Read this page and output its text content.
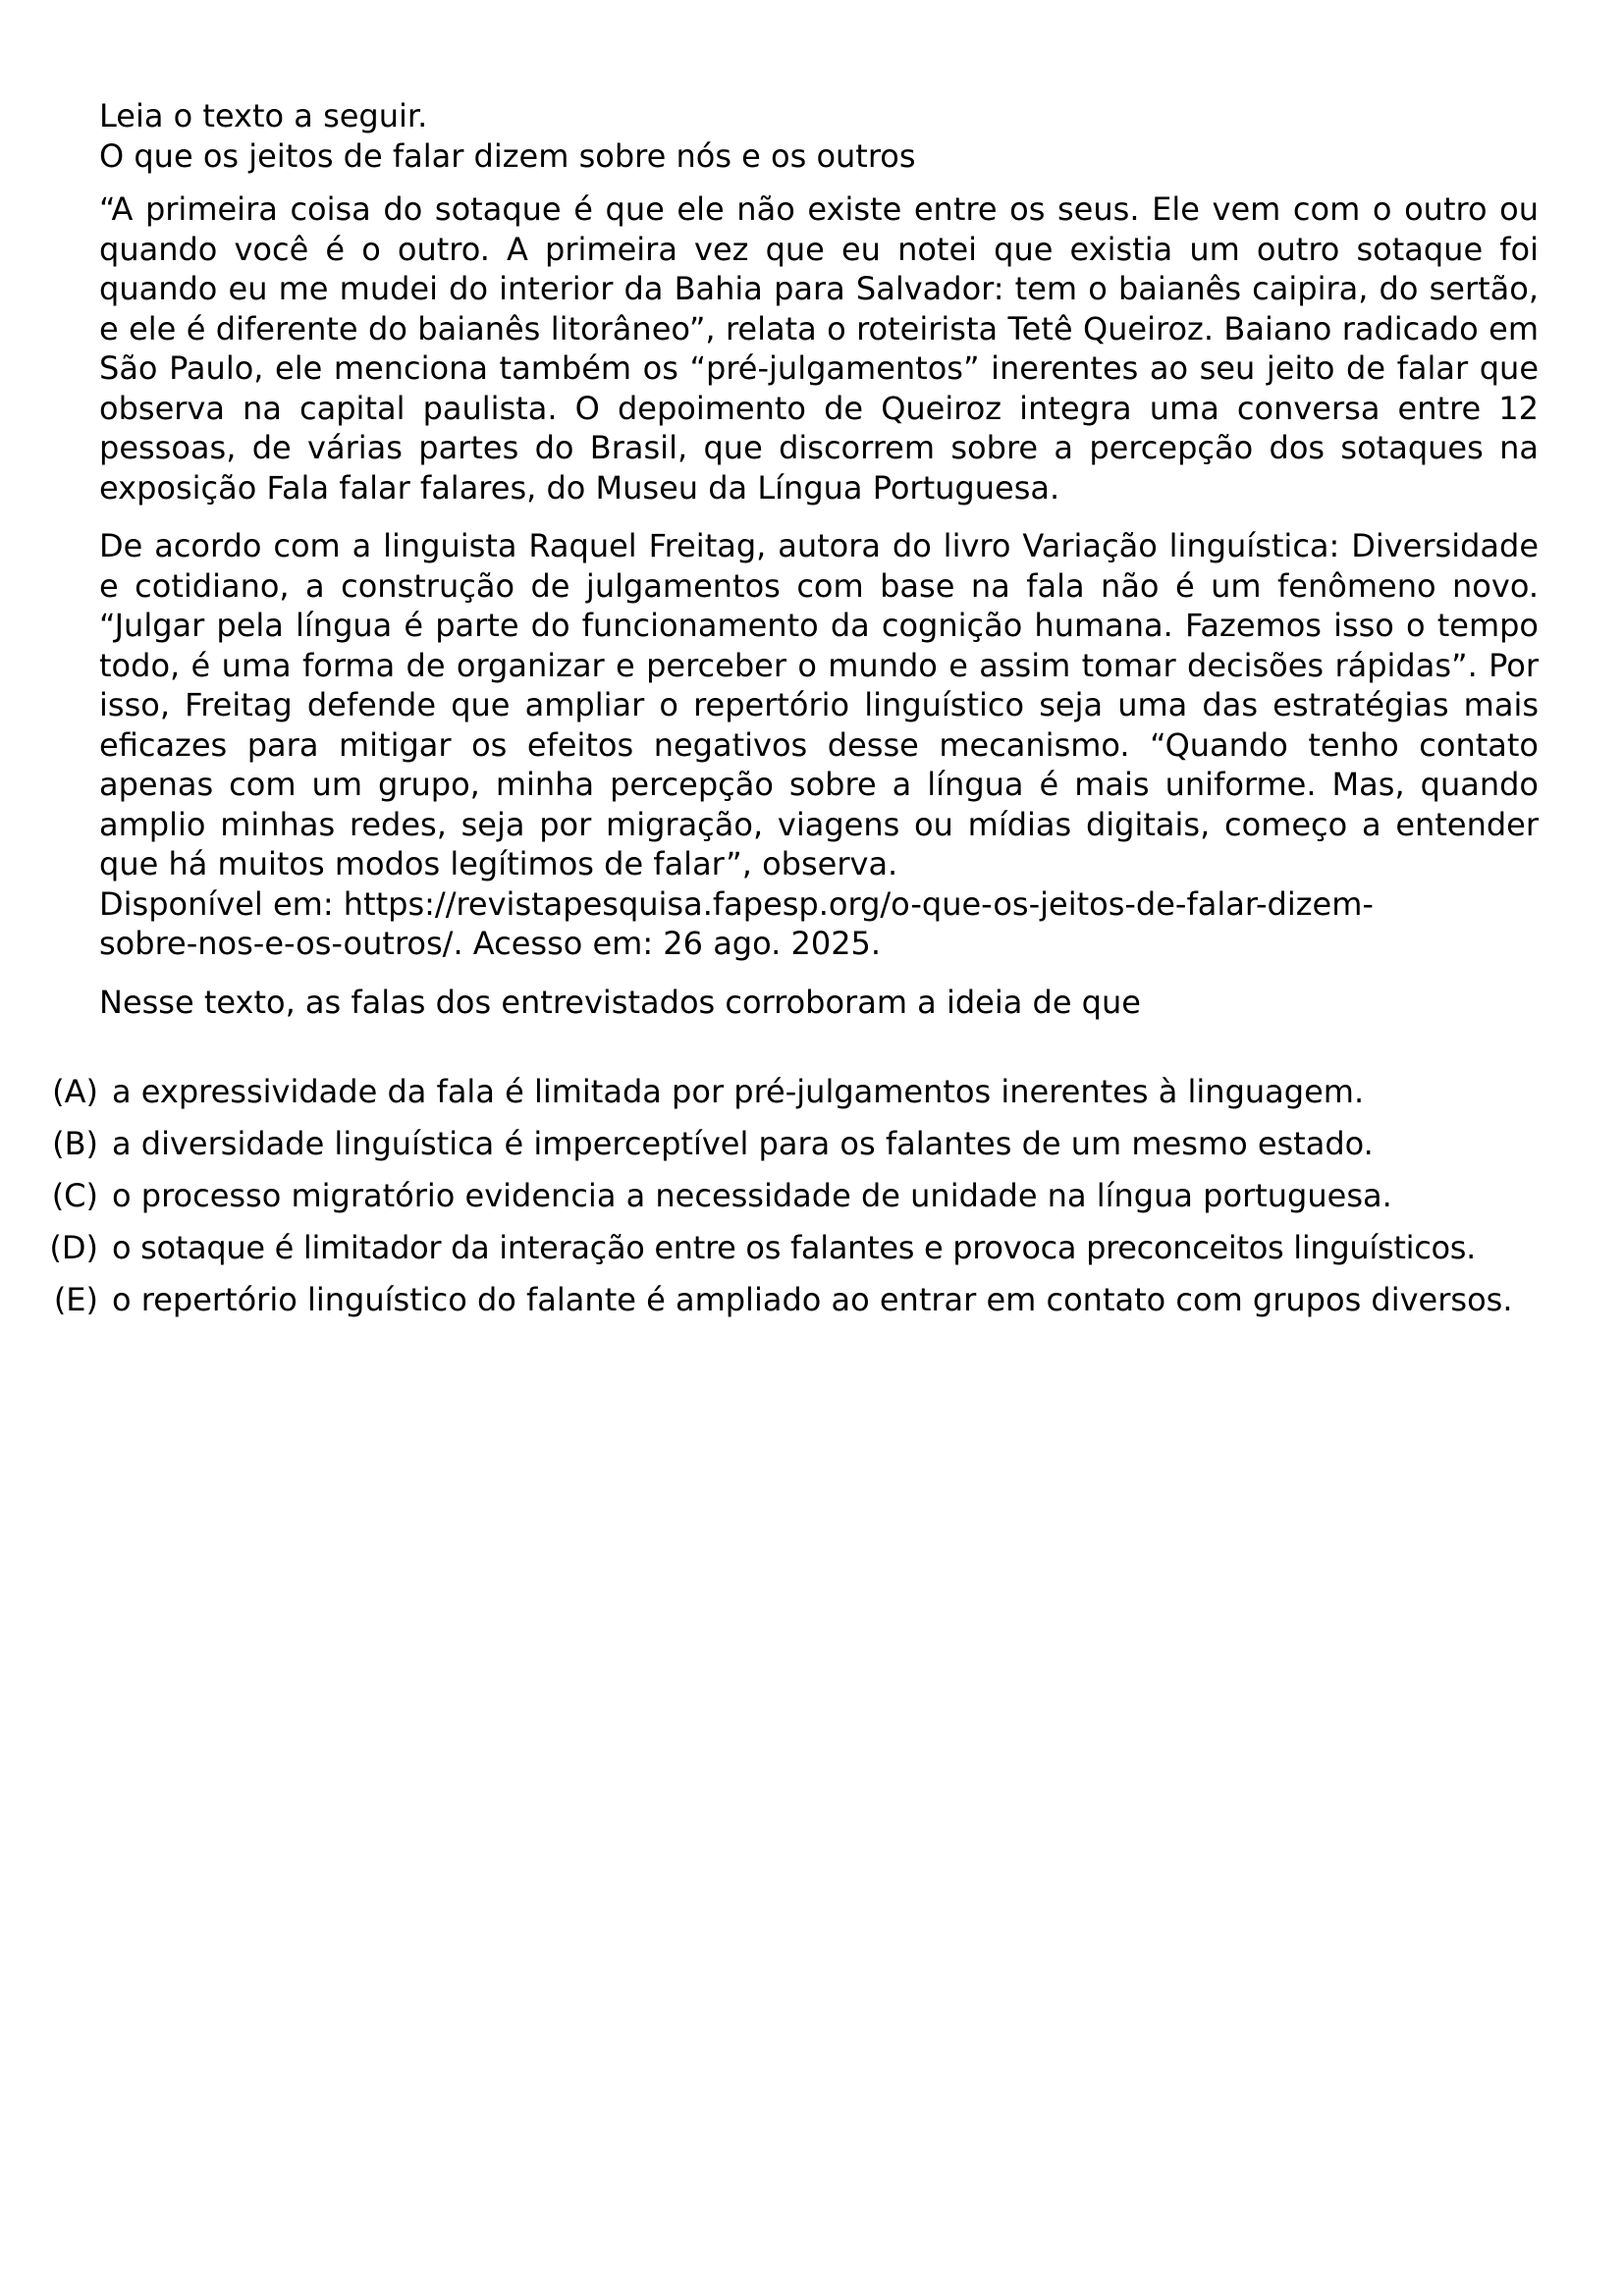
Leia o texto a seguir.

O que os jeitos de falar dizem sobre nós e os outros

“A primeira coisa do sotaque é que ele não existe entre os seus. Ele vem com o outro ou quando você é o outro. A primeira vez que eu notei que existia um outro sotaque foi quando eu me mudei do interior da Bahia para Salvador: tem o baianês caipira, do sertão, e ele é diferente do baianês litorâneo”, relata o roteirista Tetê Queiroz. Baiano radicado em São Paulo, ele menciona também os “pré-julgamentos” inerentes ao seu jeito de falar que observa na capital paulista. O depoimento de Queiroz integra uma conversa entre 12 pessoas, de várias partes do Brasil, que discorrem sobre a percepção dos sotaques na exposição Fala falar falares, do Museu da Língua Portuguesa.

De acordo com a linguista Raquel Freitag, autora do livro Variação linguística: Diversidade e cotidiano, a construção de julgamentos com base na fala não é um fenômeno novo. “Julgar pela língua é parte do funcionamento da cognição humana. Fazemos isso o tempo todo, é uma forma de organizar e perceber o mundo e assim tomar decisões rápidas”. Por isso, Freitag defende que ampliar o repertório linguístico seja uma das estratégias mais eficazes para mitigar os efeitos negativos desse mecanismo. “Quando tenho contato apenas com um grupo, minha percepção sobre a língua é mais uniforme. Mas, quando amplio minhas redes, seja por migração, viagens ou mídias digitais, começo a entender que há muitos modos legítimos de falar”, observa.

Disponível em: https://revistapesquisa.fapesp.org/o-que-os-jeitos-de-falar-dizem-

sobre-nos-e-os-outros/. Acesso em: 26 ago. 2025.

Nesse texto, as falas dos entrevistados corroboram a ideia de que

(A) a expressividade da fala é limitada por pré-julgamentos inerentes à linguagem.
(B) a diversidade linguística é imperceptível para os falantes de um mesmo estado.
(C) o processo migratório evidencia a necessidade de unidade na língua portuguesa.
(D) o sotaque é limitador da interação entre os falantes e provoca preconceitos linguísticos.
(E) o repertório linguístico do falante é ampliado ao entrar em contato com grupos diversos.
